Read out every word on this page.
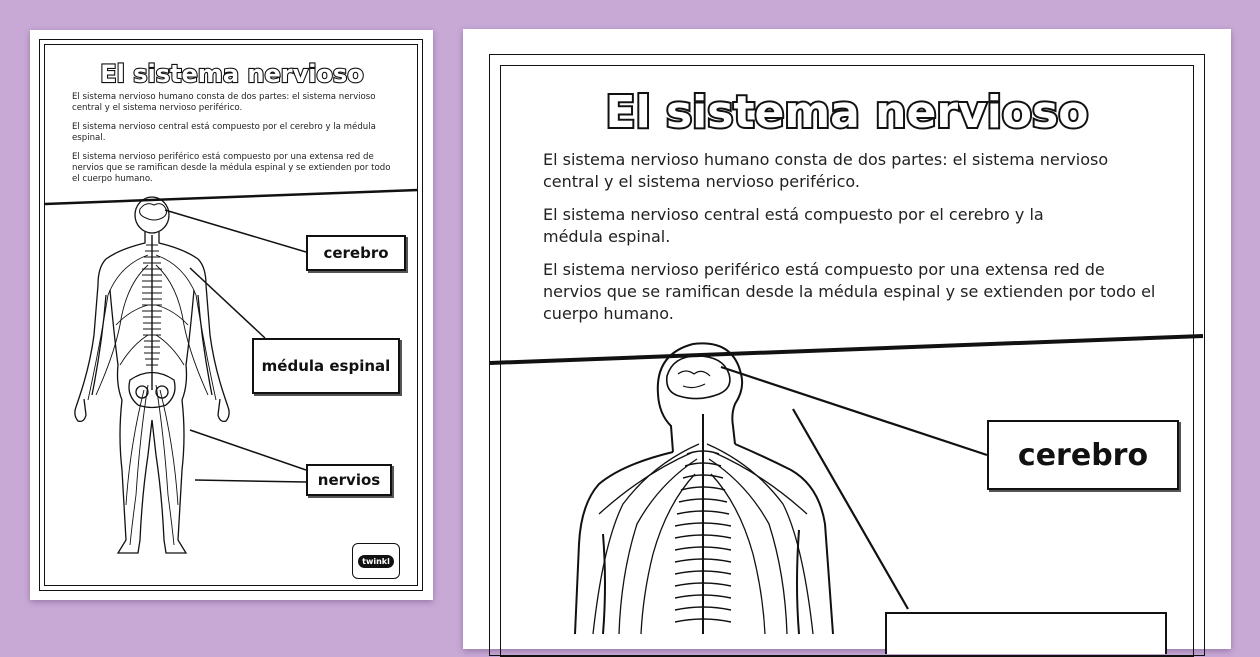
El sistema nervioso

El sistema nervioso humano consta de dos partes: el sistema nervioso central y el sistema nervioso periférico.

El sistema nervioso central está compuesto por el cerebro y la médula espinal.

El sistema nervioso periférico está compuesto por una extensa red de nervios que se ramifican desde la médula espinal y se extienden por todo el cuerpo humano.

cerebro
médula espinal
nervios
twinkl
El sistema nervioso

El sistema nervioso humano consta de dos partes: el sistema nervioso central y el sistema nervioso periférico.

El sistema nervioso central está compuesto por el cerebro y la médula espinal.

El sistema nervioso periférico está compuesto por una extensa red de nervios que se ramifican desde la médula espinal y se extienden por todo el cuerpo humano.

cerebro
